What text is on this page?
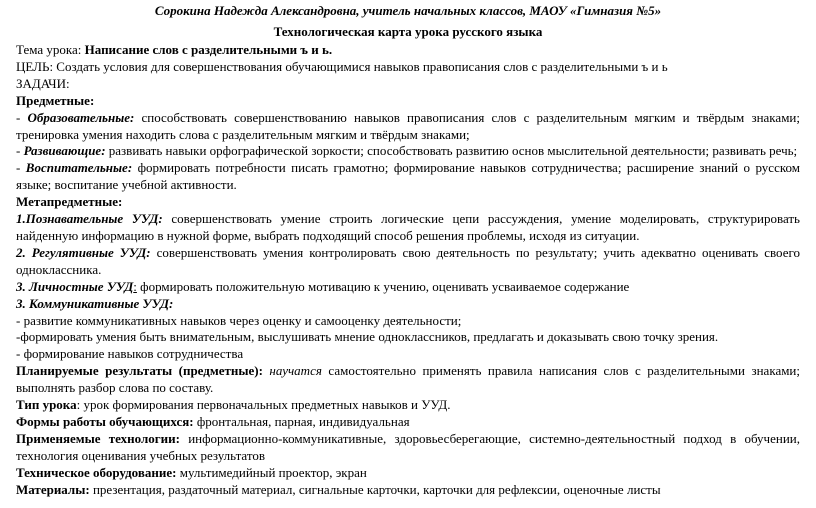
Сорокина Надежда Александровна, учитель начальных классов, МАОУ «Гимназия №5»
Технологическая карта урока русского языка
Тема урока: Написание слов с разделительными ъ и ь.
ЦЕЛЬ: Создать условия для совершенствования обучающимися навыков правописания слов с разделительными ъ и ь
ЗАДАЧИ:
Предметные:
- Образовательные: способствовать совершенствованию навыков правописания слов с разделительным мягким и твёрдым знаками; тренировка умения находить слова с разделительным мягким и твёрдым знаками;
- Развивающие: развивать навыки орфографической зоркости; способствовать развитию основ мыслительной деятельности; развивать речь;
- Воспитательные: формировать потребности писать грамотно; формирование навыков сотрудничества; расширение знаний о русском языке; воспитание учебной активности.
Метапредметные:
1.Познавательные УУД: совершенствовать умение строить логические цепи рассуждения, умение моделировать, структурировать найденную информацию в нужной форме, выбрать подходящий способ решения проблемы, исходя из ситуации.
2. Регулятивные УУД: совершенствовать умения контролировать свою деятельность по результату; учить адекватно оценивать своего одноклассника.
3. Личностные УУД: формировать положительную мотивацию к учению, оценивать усваиваемое содержание
3. Коммуникативные УУД:
- развитие коммуникативных навыков через оценку и самооценку деятельности;
-формировать умения быть внимательным, выслушивать мнение одноклассников, предлагать и доказывать свою точку зрения.
- формирование навыков сотрудничества
Планируемые результаты (предметные): научатся самостоятельно применять правила написания слов с разделительными знаками; выполнять разбор слова по составу.
Тип урока: урок формирования первоначальных предметных навыков и УУД.
Формы работы обучающихся: фронтальная, парная, индивидуальная
Применяемые технологии: информационно-коммуникативные, здоровьесберегающие, системно-деятельностный подход в обучении, технология оценивания учебных результатов
Техническое оборудование: мультимедийный проектор, экран
Материалы: презентация, раздаточный материал, сигнальные карточки, карточки для рефлексии, оценочные листы
